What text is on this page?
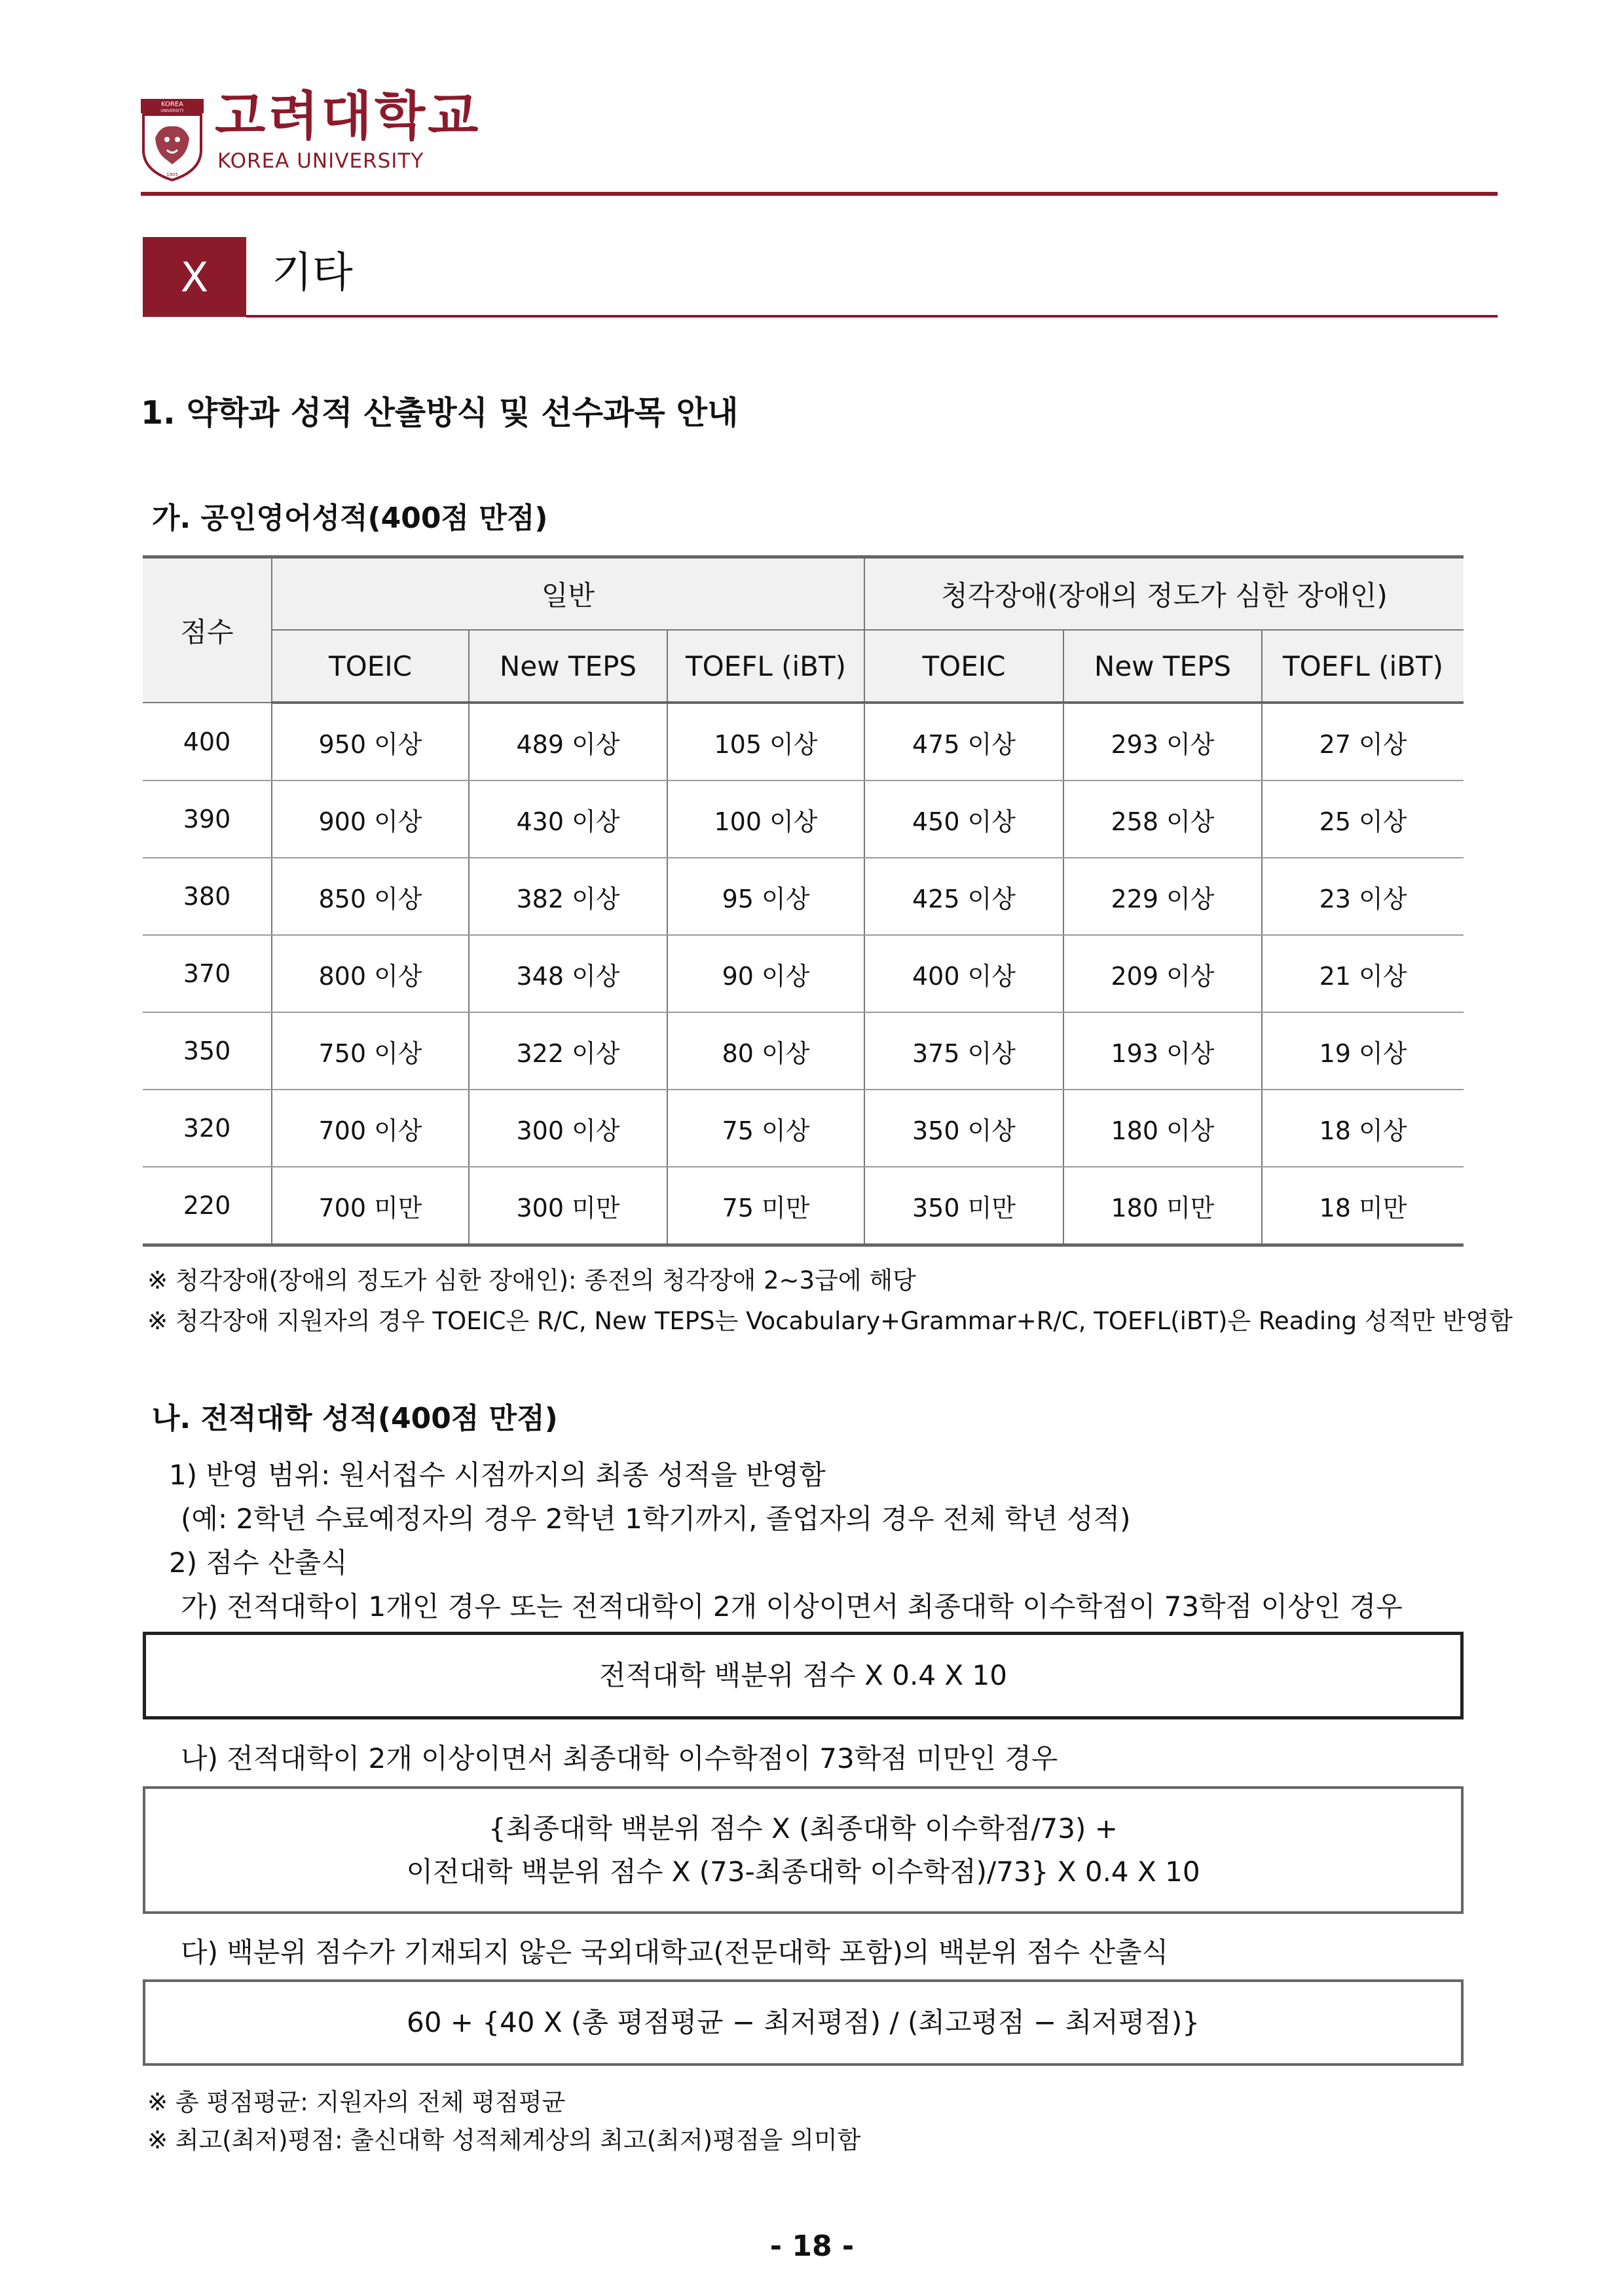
KOREA
UNIVERSITY
1905
고려대학교
KOREA UNIVERSITY
X	기타
1. 약학과 성적 산출방식 및 선수과목 안내
가. 공인영어성적(400점 만점)
점수	일반			청각장애(장애의 정도가 심한 장애인)		
	TOEIC	New TEPS	TOEFL (iBT)	TOEIC	New TEPS	TOEFL (iBT)
400	950 이상	489 이상	105 이상	475 이상	293 이상	27 이상
390	900 이상	430 이상	100 이상	450 이상	258 이상	25 이상
380	850 이상	382 이상	95 이상	425 이상	229 이상	23 이상
370	800 이상	348 이상	90 이상	400 이상	209 이상	21 이상
350	750 이상	322 이상	80 이상	375 이상	193 이상	19 이상
320	700 이상	300 이상	75 이상	350 이상	180 이상	18 이상
220	700 미만	300 미만	75 미만	350 미만	180 미만	18 미만
※ 청각장애(장애의 정도가 심한 장애인): 종전의 청각장애 2~3급에 해당
※ 청각장애 지원자의 경우 TOEIC은 R/C, New TEPS는 Vocabulary+Grammar+R/C, TOEFL(iBT)은 Reading 성적만 반영함
나. 전적대학 성적(400점 만점)
1) 반영 범위: 원서접수 시점까지의 최종 성적을 반영함
(예: 2학년 수료예정자의 경우 2학년 1학기까지, 졸업자의 경우 전체 학년 성적)
2) 점수 산출식
가) 전적대학이 1개인 경우 또는 전적대학이 2개 이상이면서 최종대학 이수학점이 73학점 이상인 경우
전적대학 백분위 점수 X 0.4 X 10
나) 전적대학이 2개 이상이면서 최종대학 이수학점이 73학점 미만인 경우
{최종대학 백분위 점수 X (최종대학 이수학점/73) +
이전대학 백분위 점수 X (73-최종대학 이수학점)/73} X 0.4 X 10
다) 백분위 점수가 기재되지 않은 국외대학교(전문대학 포함)의 백분위 점수 산출식
60 + {40 X (총 평점평균 − 최저평점) / (최고평점 − 최저평점)}
※ 총 평점평균: 지원자의 전체 평점평균
※ 최고(최저)평점: 출신대학 성적체계상의 최고(최저)평점을 의미함
- 18 -
